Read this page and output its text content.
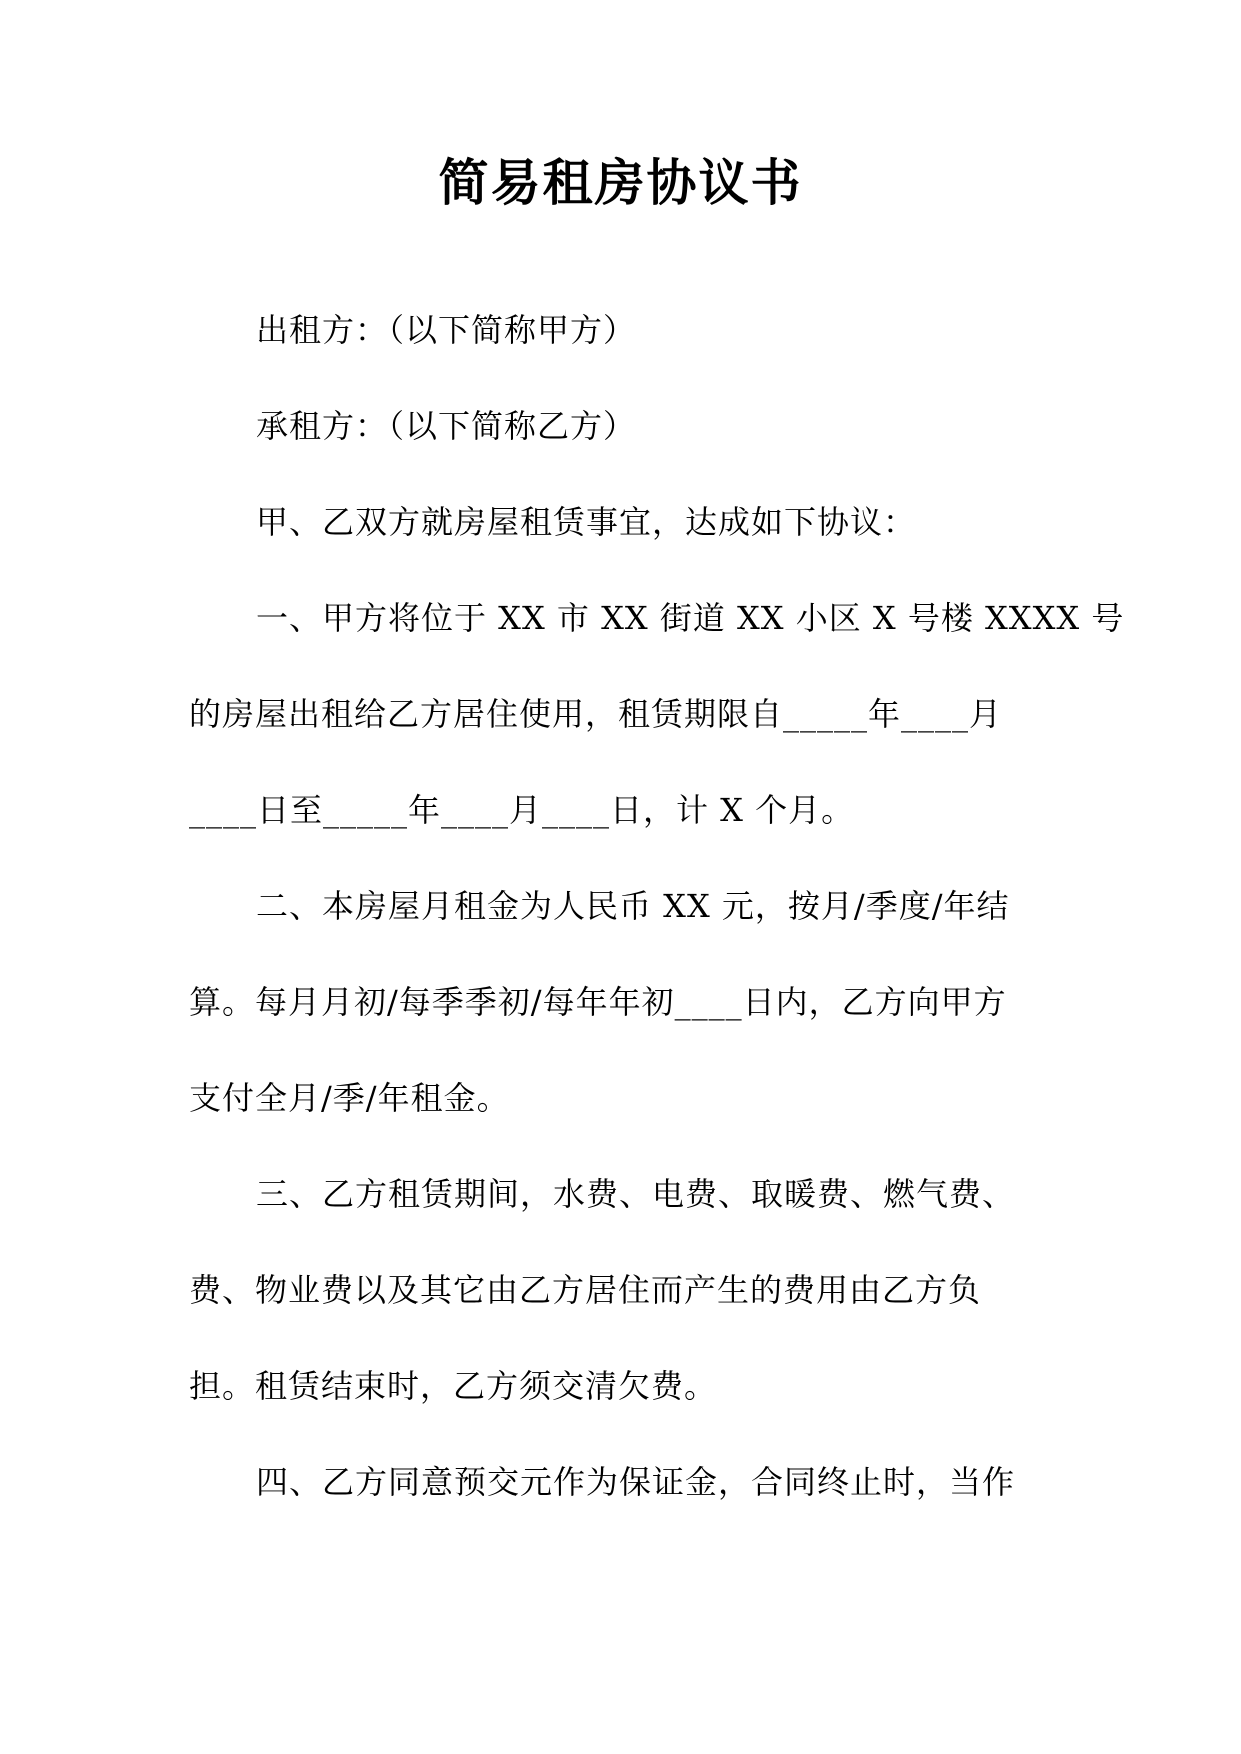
简易租房协议书
出租方：（以下简称甲方）
承租方：（以下简称乙方）
甲、乙双方就房屋租赁事宜，达成如下协议：
一、甲方将位于 XX 市 XX 街道 XX 小区 X 号楼 XXXX 号
的房屋出租给乙方居住使用，租赁期限自_____年____月
____日至_____年____月____日，计 X 个月。
二、本房屋月租金为人民币 XX 元，按月/季度/年结
算。每月月初/每季季初/每年年初____日内，乙方向甲方
支付全月/季/年租金。
三、乙方租赁期间，水费、电费、取暖费、燃气费、
费、物业费以及其它由乙方居住而产生的费用由乙方负
担。租赁结束时，乙方须交清欠费。
四、乙方同意预交元作为保证金，合同终止时，当作
